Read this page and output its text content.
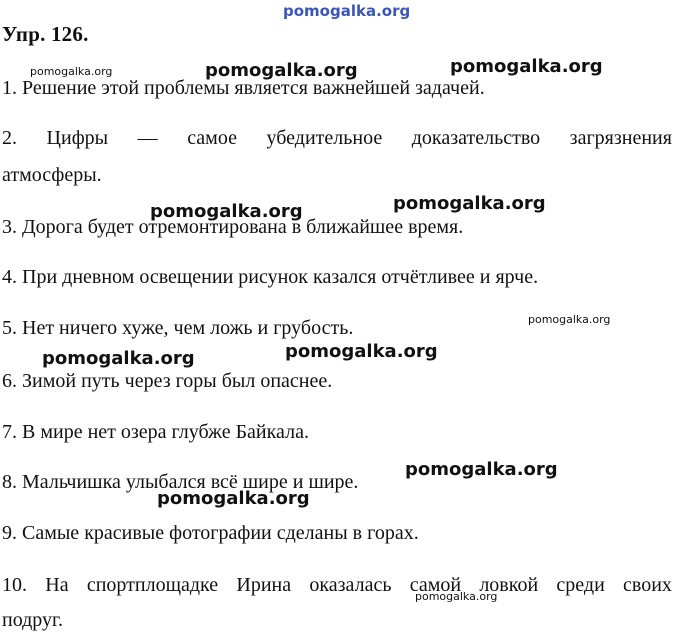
pomogalka.org
Упр. 126.
pomogalka.org	pomogalka.org	pomogalka.org
1. Решение этой проблемы является важнейшей задачей.
2. Цифры — самое убедительное доказательство загрязнения
атмосферы.
pomogalka.org
pomogalka.org
3. Дорога будет отремонтирована в ближайшее время.
4. При дневном освещении рисунок казался отчётливее и ярче.
pomogalka.org
5. Нет ничего хуже, чем ложь и грубость.
pomogalka.org
pomogalka.org
6. Зимой путь через горы был опаснее.
7. В мире нет озера глубже Байкала.
pomogalka.org
8. Мальчишка улыбался всё шире и шире.
pomogalka.org
9. Самые красивые фотографии сделаны в горах.
10. На спортплощадке Ирина оказалась самой ловкой среди своих
pomogalka.org
подруг.
